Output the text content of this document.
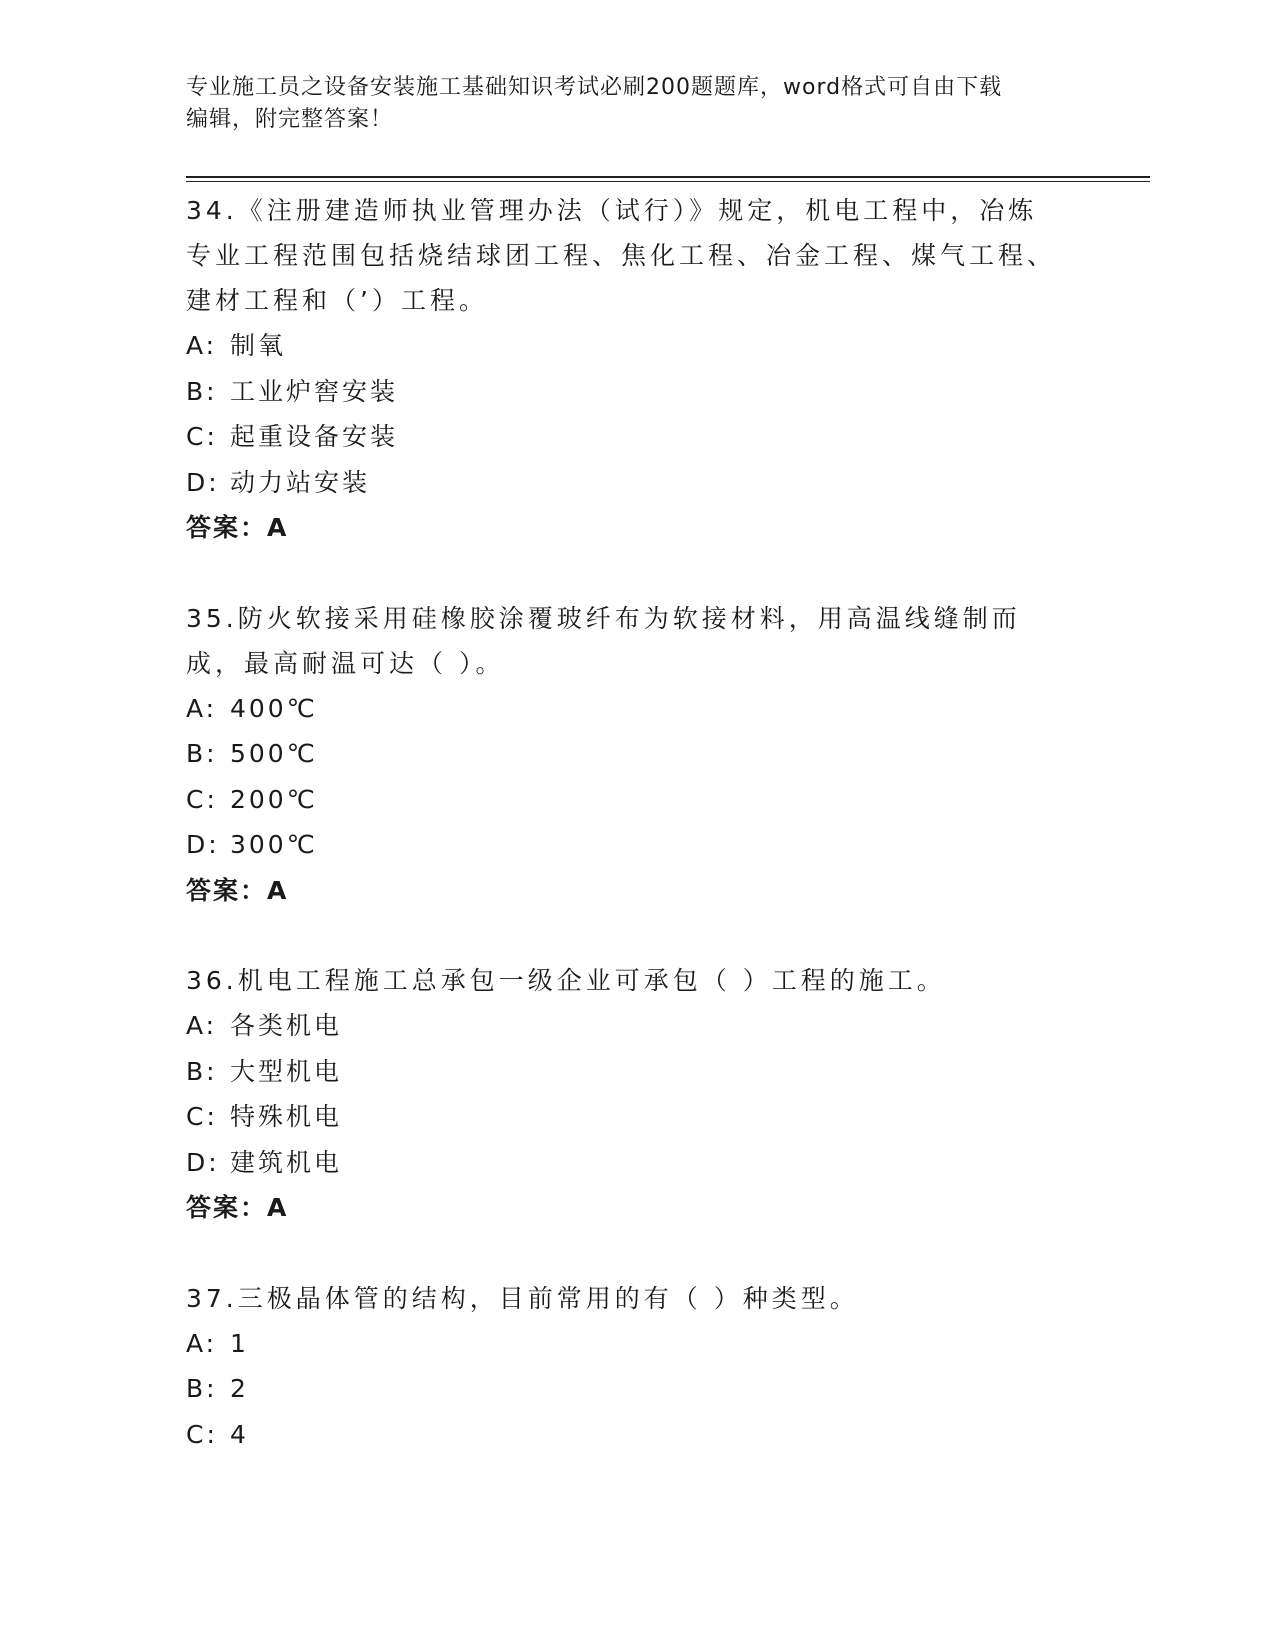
专业施工员之设备安装施工基础知识考试必刷200题题库，word格式可自由下载
编辑，附完整答案！
34.《注册建造师执业管理办法（试行）》规定，机电工程中，冶炼专业工程范围包括烧结球团工程、焦化工程、冶金工程、煤气工程、建材工程和（’）工程。
A: 制氧
B: 工业炉窖安装
C: 起重设备安装
D: 动力站安装
答案：A
35.防火软接采用硅橡胶涂覆玻纤布为软接材料，用高温线缝制而成，最高耐温可达（ ）。
A: 400℃
B: 500℃
C: 200℃
D: 300℃
答案：A
36.机电工程施工总承包一级企业可承包（ ）工程的施工。
A: 各类机电
B: 大型机电
C: 特殊机电
D: 建筑机电
答案：A
37.三极晶体管的结构，目前常用的有（ ）种类型。
A: 1
B: 2
C: 4
